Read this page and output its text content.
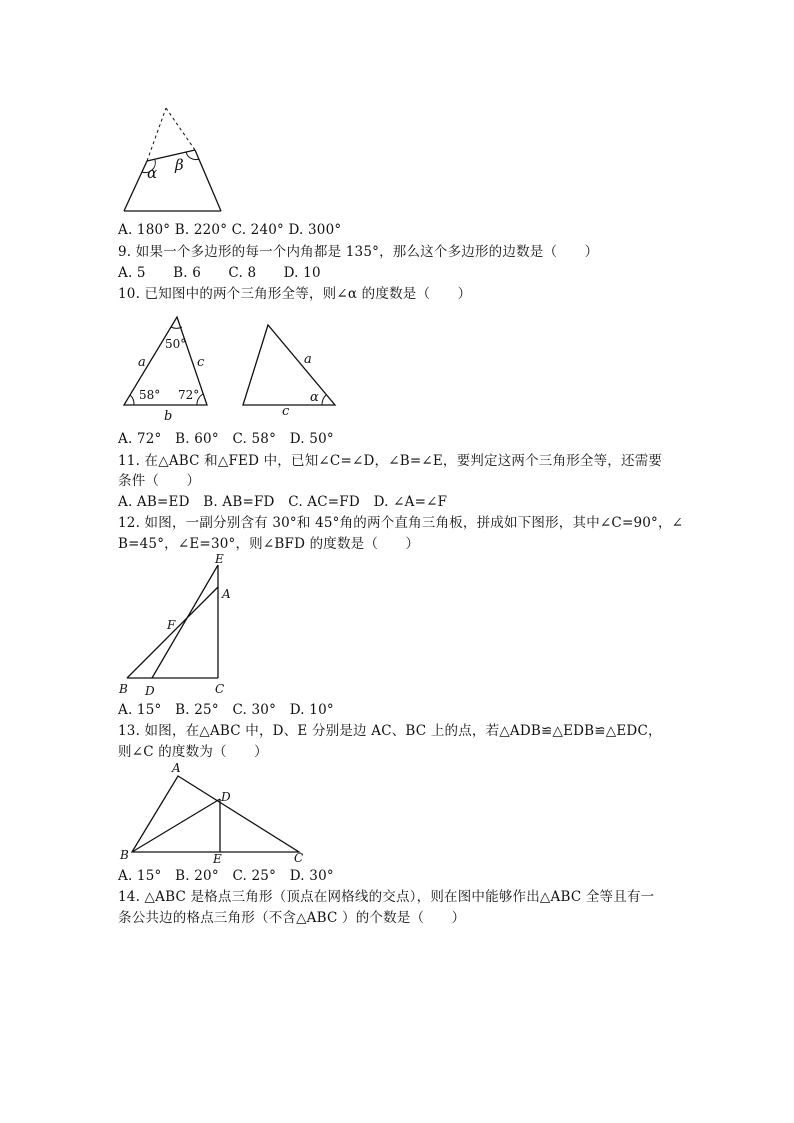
α β
A. 180° B. 220° C. 240° D. 300°
9. 如果一个多边形的每一个内角都是 135°，那么这个多边形的边数是（　　）
A. 5　　B. 6　　C. 8　　D. 10
10. 已知图中的两个三角形全等，则∠α 的度数是（　　）
50°
58° 72°
a	c
b
a
c
α
A. 72°　B. 60°　C. 58°　D. 50°
11. 在△ABC 和△FED 中，已知∠C=∠D，∠B=∠E，要判定这两个三角形全等，还需要
条件（　　）
A. AB=ED　B. AB=FD　C. AC=FD　D. ∠A=∠F
12. 如图，一副分别含有 30°和 45°角的两个直角三角板，拼成如下图形，其中∠C=90°，∠
B=45°，∠E=30°，则∠BFD 的度数是（　　）
E
A
F
B D	C
A. 15°　B. 25°　C. 30°　D. 10°
13. 如图，在△ABC 中，D、E 分别是边 AC、BC 上的点，若△ADB≌△EDB≌△EDC，
则∠C 的度数为（　　）
A
D
B	E	C
A. 15°　B. 20°　C. 25°　D. 30°
14. △ABC 是格点三角形（顶点在网格线的交点），则在图中能够作出△ABC 全等且有一
条公共边的格点三角形（不含△ABC ）的个数是（　　）
